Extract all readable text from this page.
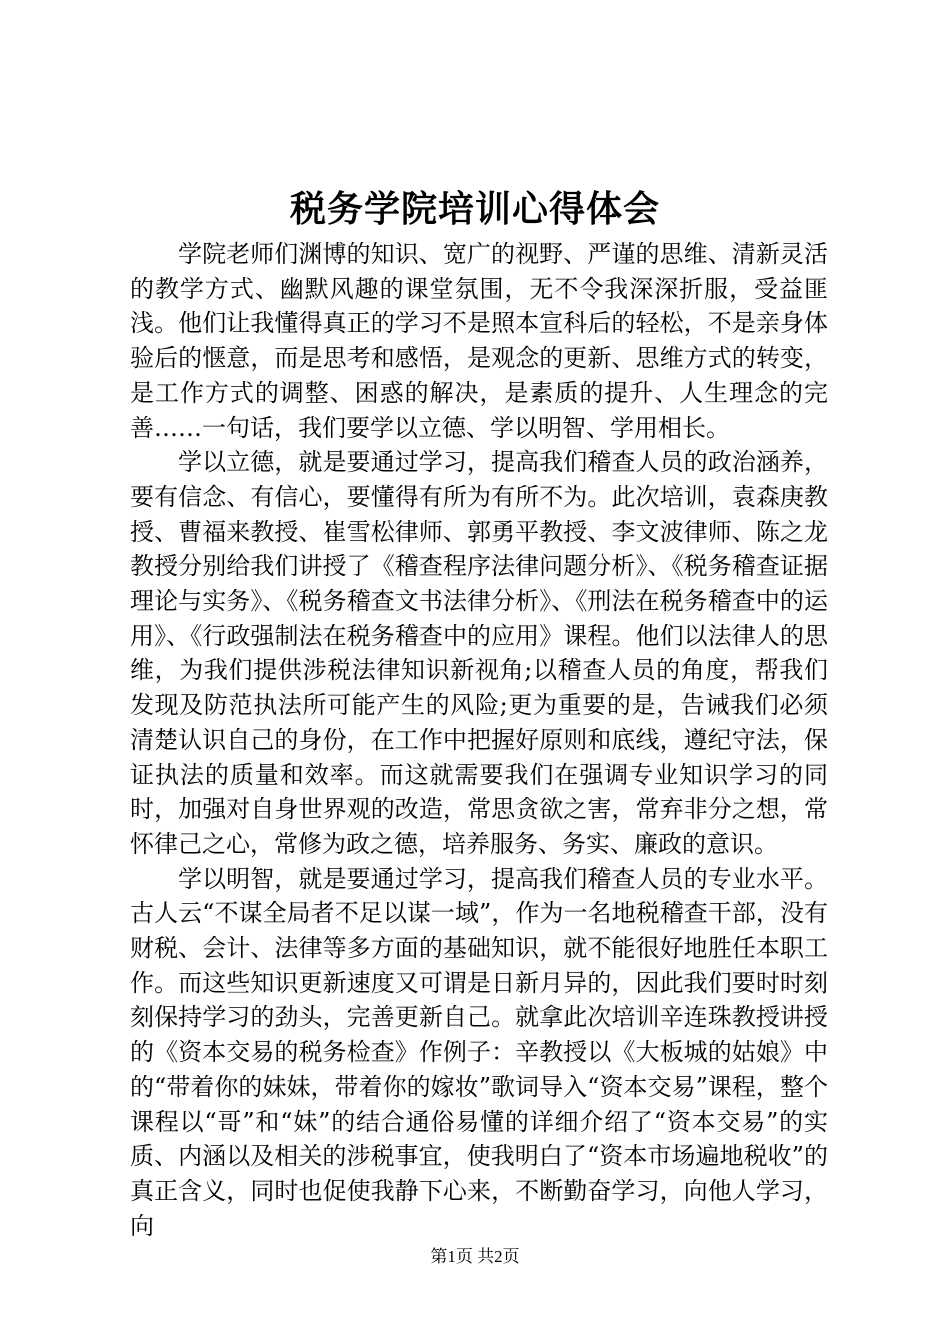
税务学院培训心得体会

学院老师们渊博的知识、宽广的视野、严谨的思维、清新灵活的教学方式、幽默风趣的课堂氛围，无不令我深深折服，受益匪浅。他们让我懂得真正的学习不是照本宣科后的轻松，不是亲身体验后的惬意，而是思考和感悟，是观念的更新、思维方式的转变，是工作方式的调整、困惑的解决，是素质的提升、人生理念的完善……一句话，我们要学以立德、学以明智、学用相长。

学以立德，就是要通过学习，提高我们稽查人员的政治涵养，要有信念、有信心，要懂得有所为有所不为。此次培训，袁森庚教授、曹福来教授、崔雪松律师、郭勇平教授、李文波律师、陈之龙教授分别给我们讲授了《稽查程序法律问题分析》、《税务稽查证据理论与实务》、《税务稽查文书法律分析》、《刑法在税务稽查中的运用》、《行政强制法在税务稽查中的应用》课程。他们以法律人的思维，为我们提供涉税法律知识新视角;以稽查人员的角度，帮我们发现及防范执法所可能产生的风险;更为重要的是，告诫我们必须清楚认识自己的身份，在工作中把握好原则和底线，遵纪守法，保证执法的质量和效率。而这就需要我们在强调专业知识学习的同时，加强对自身世界观的改造，常思贪欲之害，常弃非分之想，常怀律己之心，常修为政之德，培养服务、务实、廉政的意识。

学以明智，就是要通过学习，提高我们稽查人员的专业水平。古人云“不谋全局者不足以谋一域”，作为一名地税稽查干部，没有财税、会计、法律等多方面的基础知识，就不能很好地胜任本职工作。而这些知识更新速度又可谓是日新月异的，因此我们要时时刻刻保持学习的劲头，完善更新自己。就拿此次培训辛连珠教授讲授的《资本交易的税务检查》作例子：辛教授以《大板城的姑娘》中的“带着你的妹妹，带着你的嫁妆”歌词导入“资本交易”课程，整个课程以“哥”和“妹”的结合通俗易懂的详细介绍了“资本交易”的实质、内涵以及相关的涉税事宜，使我明白了“资本市场遍地税收”的真正含义，同时也促使我静下心来，不断勤奋学习，向他人学习，向

第1页 共2页
